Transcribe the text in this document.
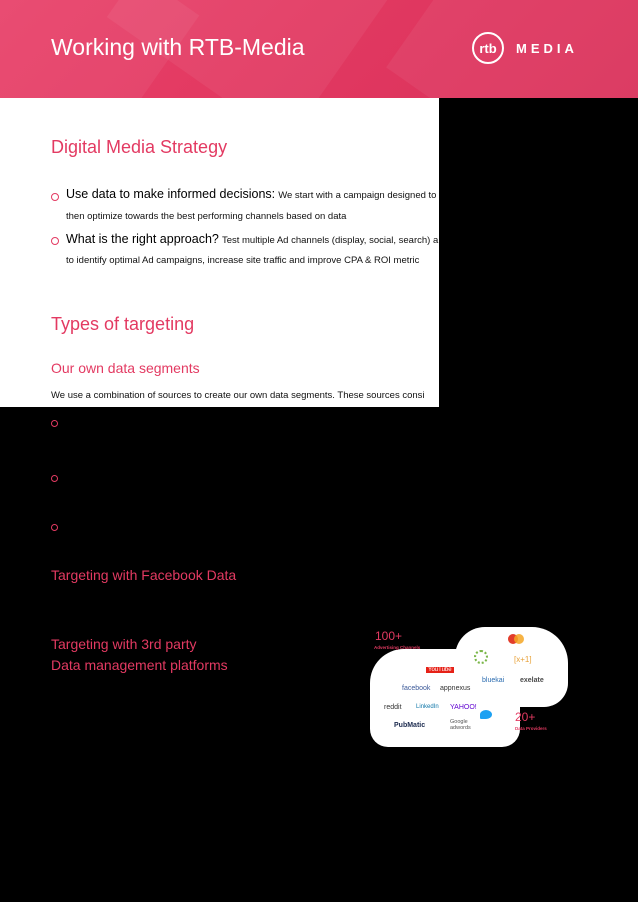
Working with RTB-Media	rtb	MEDIA
Digital Media Strategy
Use data to make informed decisions: We start with a campaign designed to
then optimize towards the best performing channels based on data
What is the right approach? Test multiple Ad channels (display, social, search) a
to identify optimal Ad campaigns, increase site traffic and improve CPA & ROI metric
Types of targeting
Our own data segments
We use a combination of sources to create our own data segments. These sources consi
Targeting with Facebook Data
Targeting with 3rd party
Data management platforms
100+
Advertising Channels
20+
Data Providers
[x+1]
bluekai exelate
YouTube
facebook appnexus
reddit LinkedIn YAHOO!
PubMatic	Google adwords
